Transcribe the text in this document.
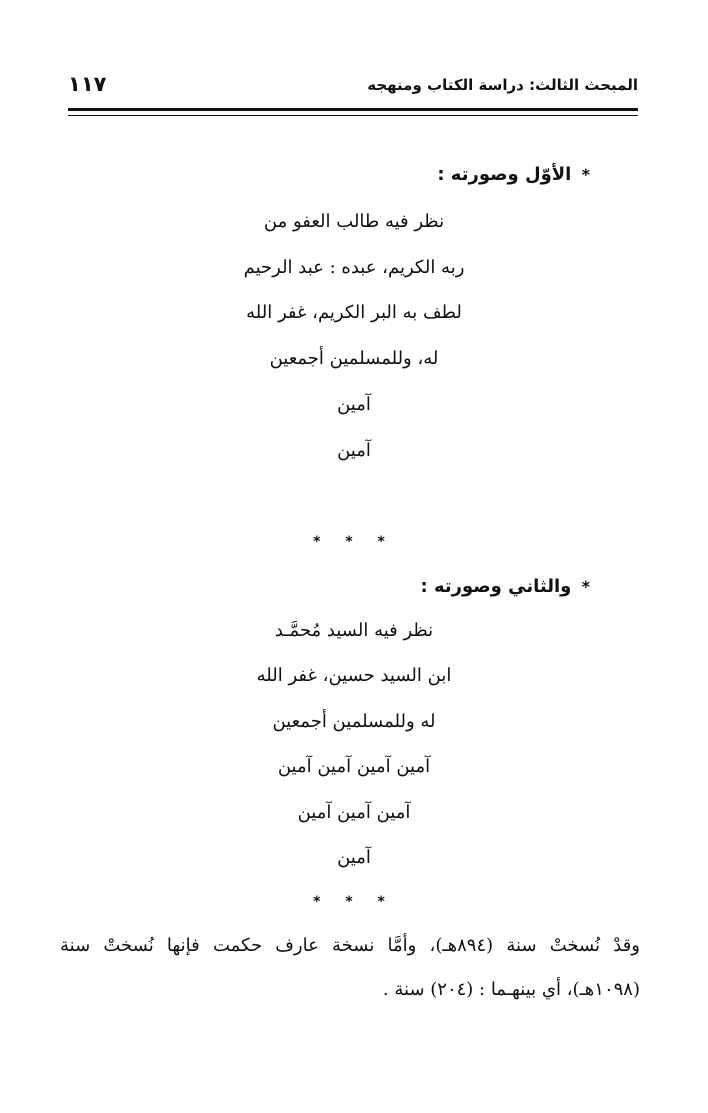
١١٧	المبحث الثالث: دراسة الكتاب ومنهجه
* الأوّل وصورته :
نظر فيه طالب العفو من
ربه الكريم، عبده : عبد الرحيم
لطف به البر الكريم، غفر الله
له، وللمسلمين أجمعين
آمين
آمين
* * *
* والثاني وصورته :
نظر فيه السيد مُحمَّـد
ابن السيد حسين، غفر الله
له وللمسلمين أجمعين
آمين آمين آمين آمين
آمين آمين آمين
آمين
* * *
وقدْ نُسختْ سنة (٨٩٤هـ)، وأمَّا نسخة عارف حكمت فإنها نُسختْ سنة
(١٠٩٨هـ)، أي بينهـما : (٢٠٤) سنة .
